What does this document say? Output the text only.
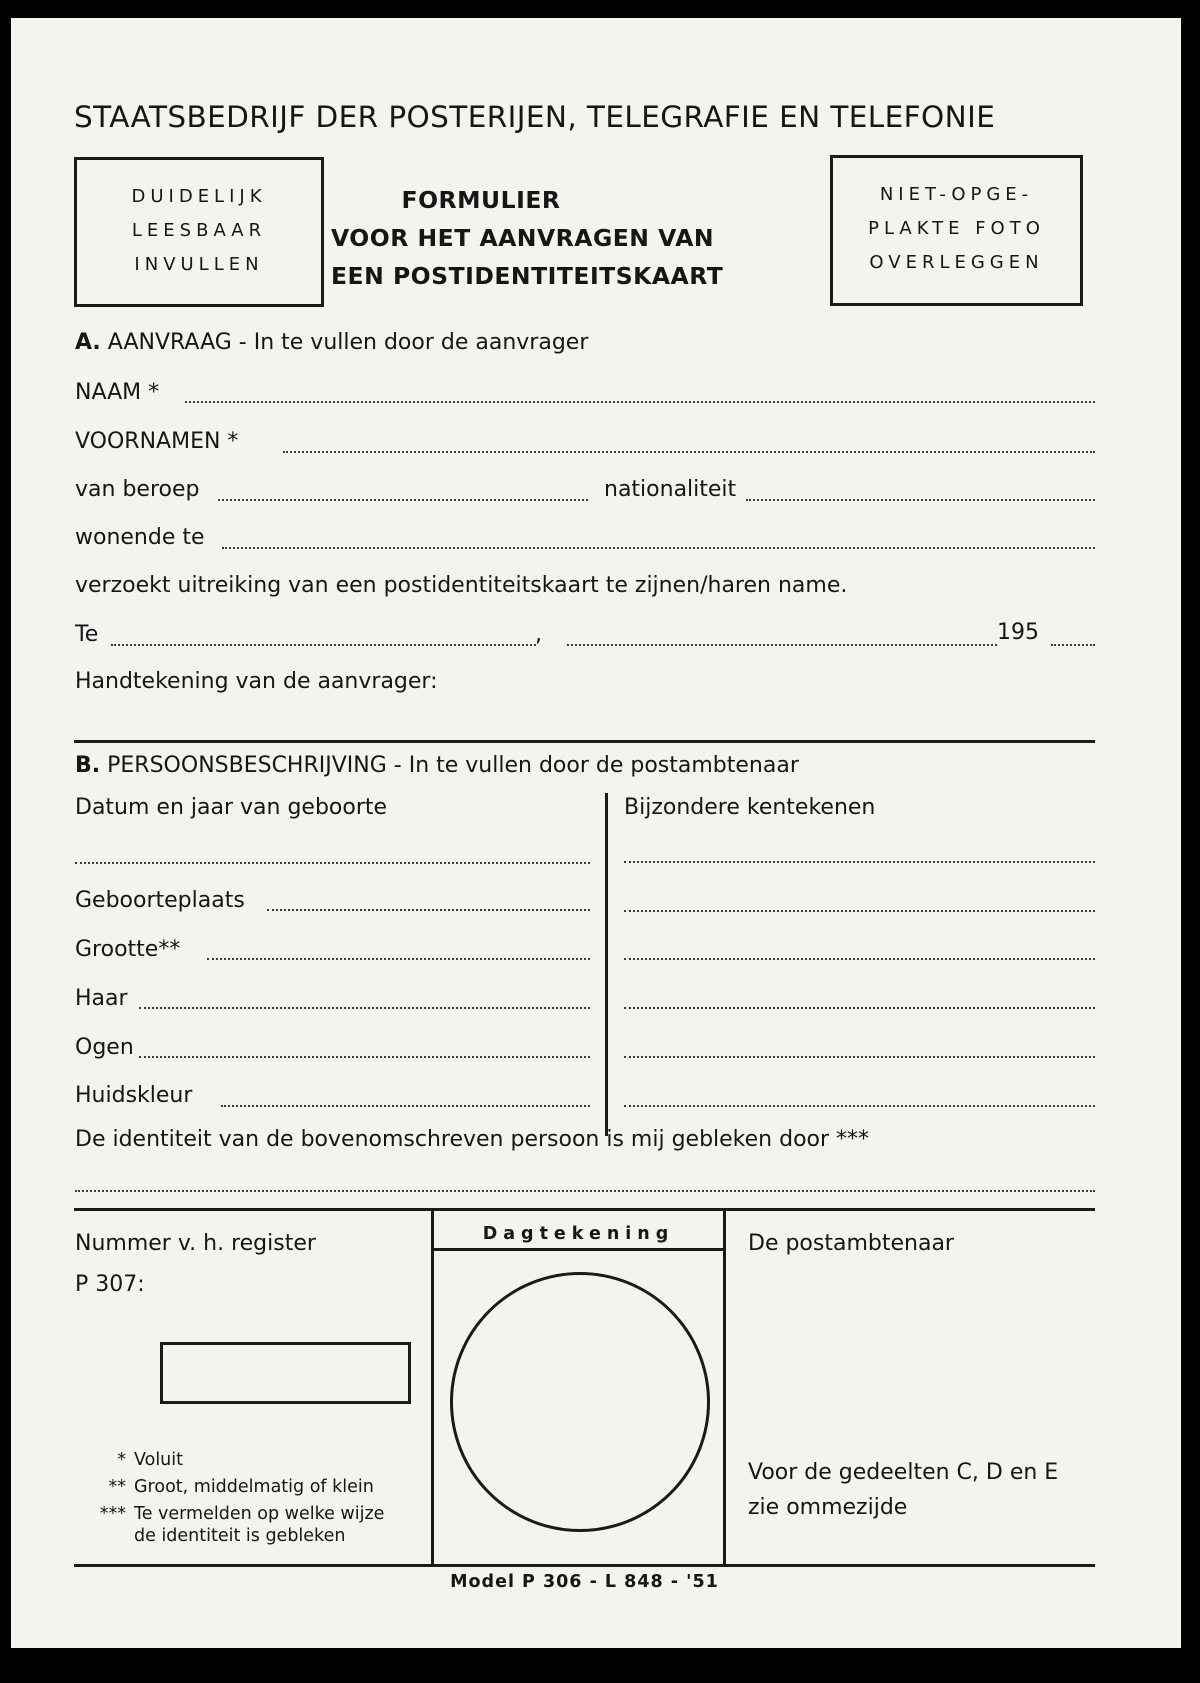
STAATSBEDRIJF DER POSTERIJEN, TELEGRAFIE EN TELEFONIE
DUIDELIJK
LEESBAAR
INVULLEN
FORMULIER
VOOR HET AANVRAGEN VAN
EEN POSTIDENTITEITSKAART
NIET-OPGE-
PLAKTE FOTO
OVERLEGGEN
A. AANVRAAG - In te vullen door de aanvrager
NAAM *
VOORNAMEN *
van beroep	nationaliteit
wonende te
verzoekt uitreiking van een postidentiteitskaart te zijnen/haren name.
Te	,	195
Handtekening van de aanvrager:
B. PERSOONSBESCHRIJVING - In te vullen door de postambtenaar
Datum en jaar van geboorte	Bijzondere kentekenen
Geboorteplaats
Grootte**
Haar
Ogen
Huidskleur
De identiteit van de bovenomschreven persoon is mij gebleken door ***
Nummer v. h. register
P 307:
* Voluit
** Groot, middelmatig of klein
*** Te vermelden op welke wijze
de identiteit is gebleken
Dagtekening	De postambtenaar
Voor de gedeelten C, D en E
zie ommezijde
Model P 306 - L 848 - '51
